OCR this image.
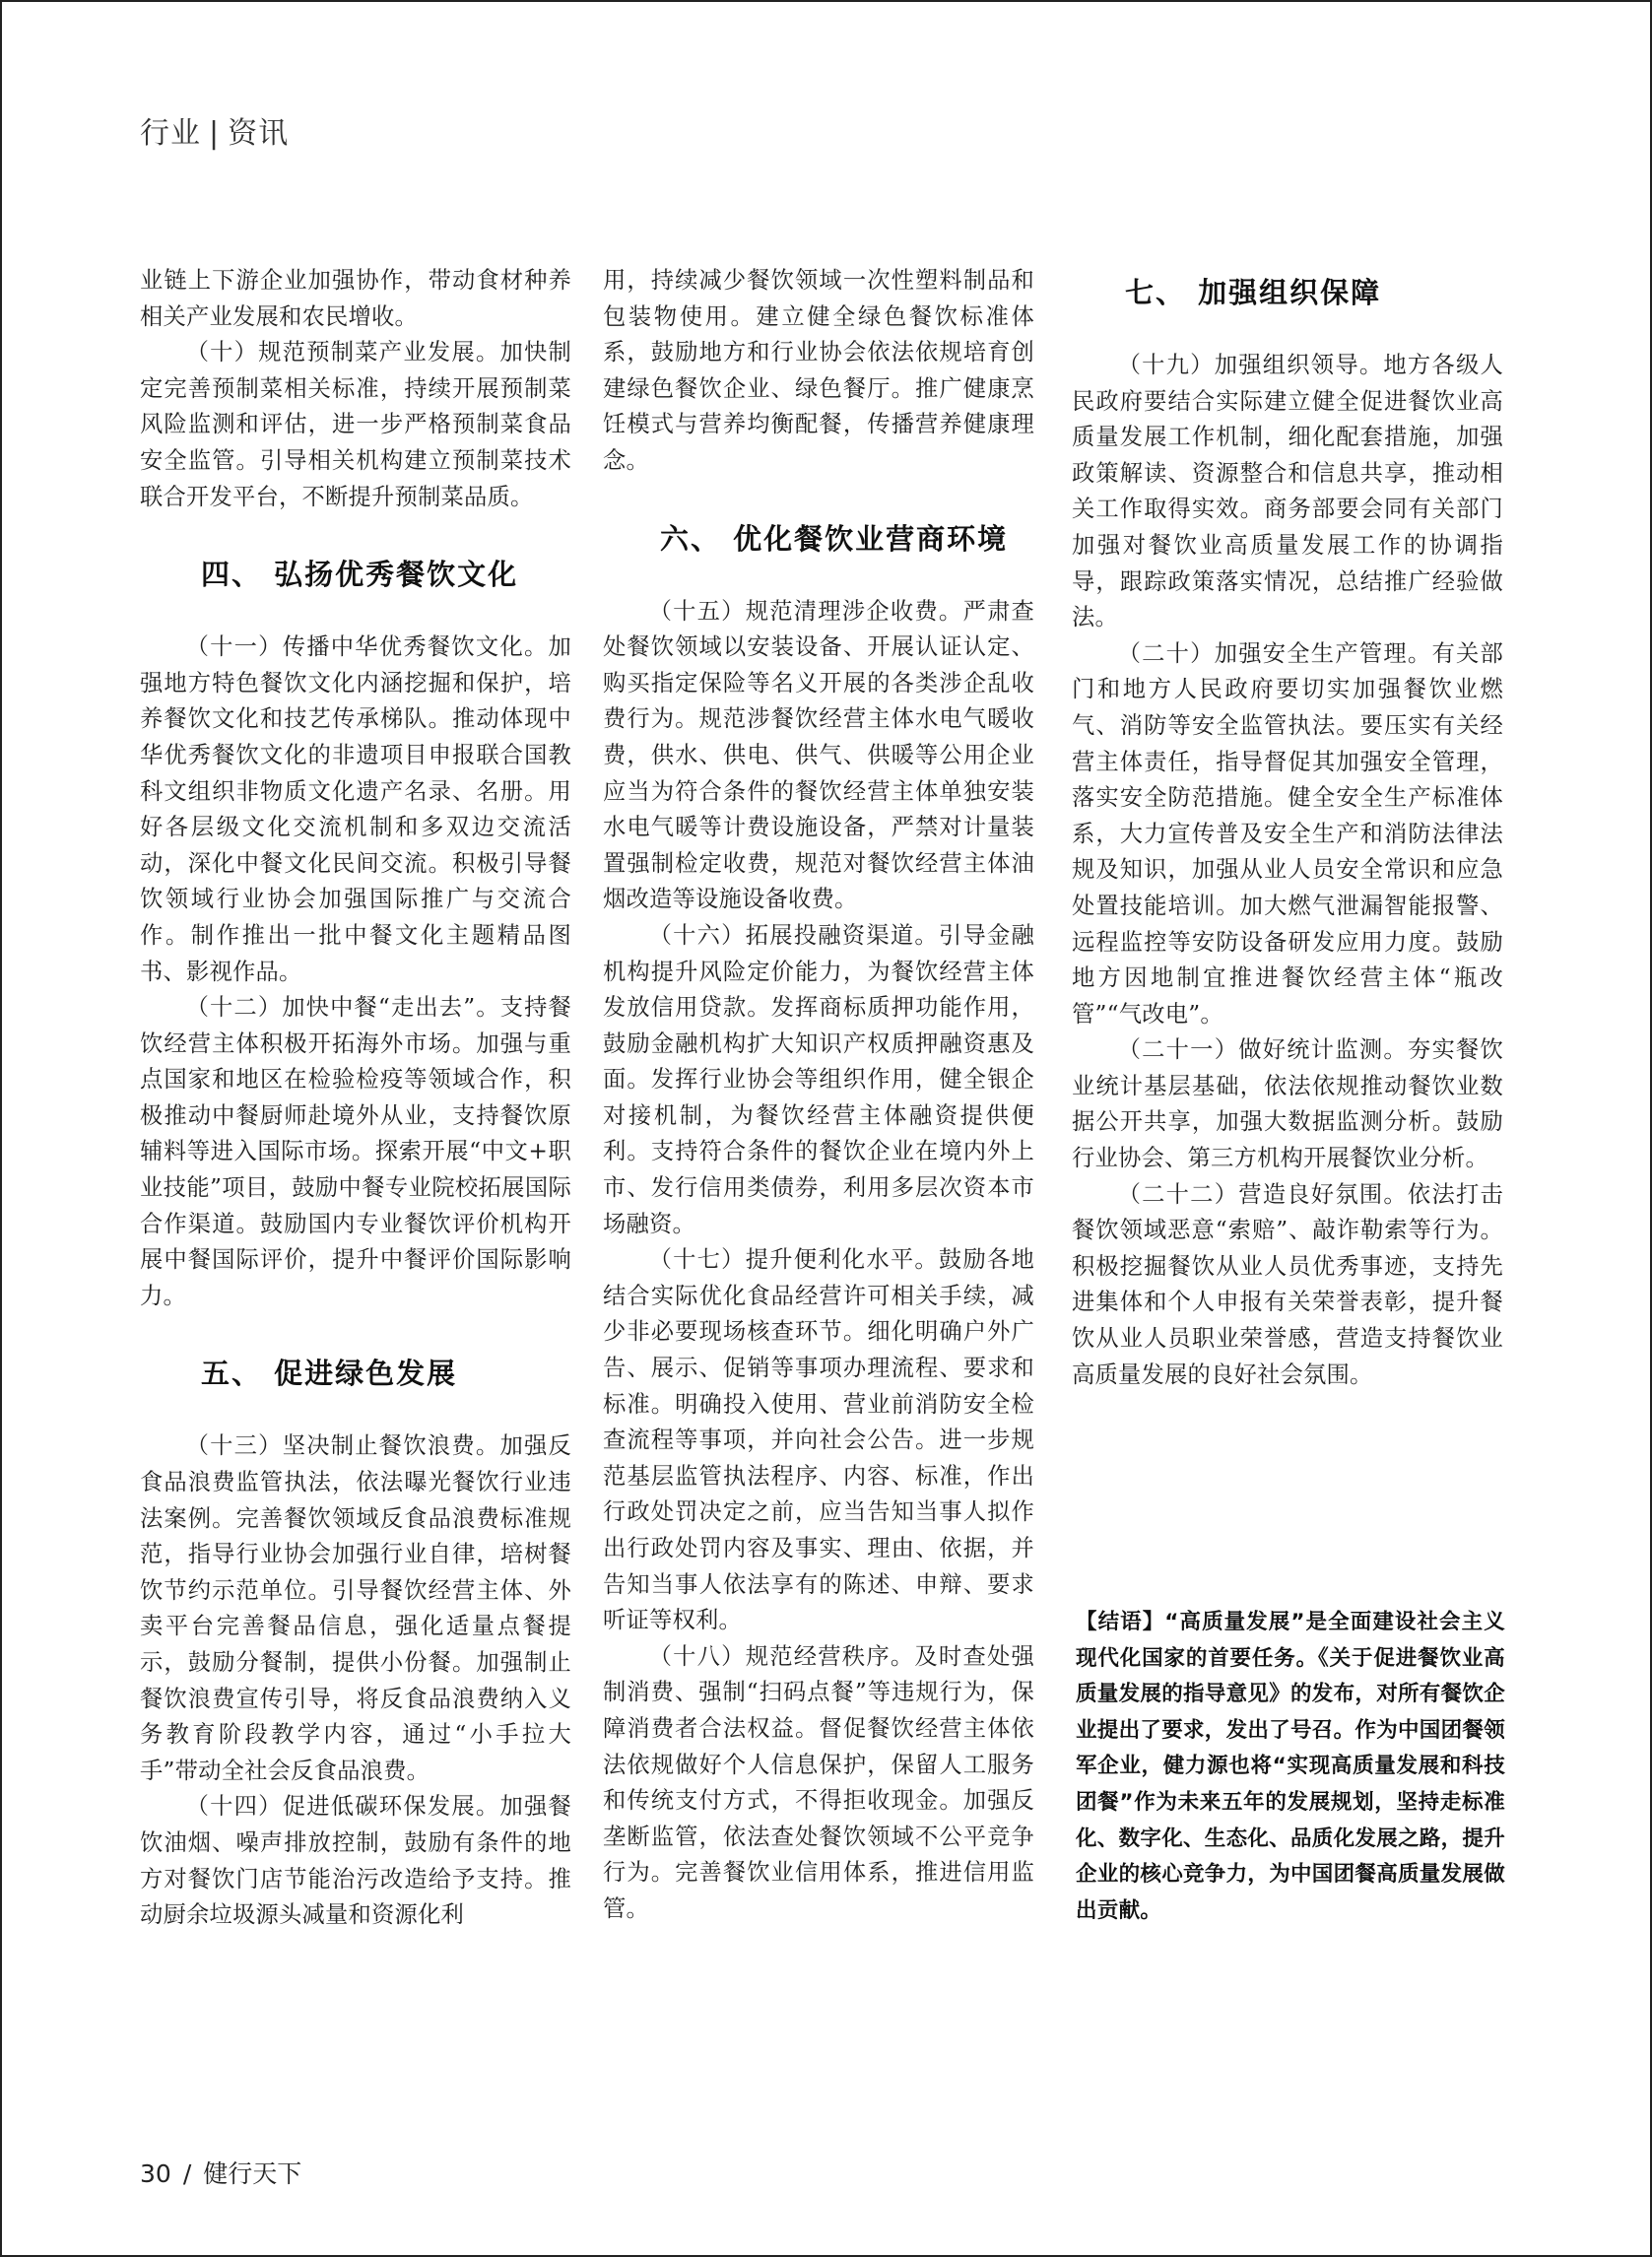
行业 | 资讯

业链上下游企业加强协作，带动食材种养相关产业发展和农民增收。

（十）规范预制菜产业发展。加快制定完善预制菜相关标准，持续开展预制菜风险监测和评估，进一步严格预制菜食品安全监管。引导相关机构建立预制菜技术联合开发平台，不断提升预制菜品质。

四、 弘扬优秀餐饮文化

（十一）传播中华优秀餐饮文化。加强地方特色餐饮文化内涵挖掘和保护，培养餐饮文化和技艺传承梯队。推动体现中华优秀餐饮文化的非遗项目申报联合国教科文组织非物质文化遗产名录、名册。用好各层级文化交流机制和多双边交流活动，深化中餐文化民间交流。积极引导餐饮领域行业协会加强国际推广与交流合作。制作推出一批中餐文化主题精品图书、影视作品。

（十二）加快中餐“走出去”。支持餐饮经营主体积极开拓海外市场。加强与重点国家和地区在检验检疫等领域合作，积极推动中餐厨师赴境外从业，支持餐饮原辅料等进入国际市场。探索开展“中文+职业技能”项目，鼓励中餐专业院校拓展国际合作渠道。鼓励国内专业餐饮评价机构开展中餐国际评价，提升中餐评价国际影响力。

五、 促进绿色发展

（十三）坚决制止餐饮浪费。加强反食品浪费监管执法，依法曝光餐饮行业违法案例。完善餐饮领域反食品浪费标准规范，指导行业协会加强行业自律，培树餐饮节约示范单位。引导餐饮经营主体、外卖平台完善餐品信息，强化适量点餐提示，鼓励分餐制，提供小份餐。加强制止餐饮浪费宣传引导，将反食品浪费纳入义务教育阶段教学内容，通过“小手拉大手”带动全社会反食品浪费。

（十四）促进低碳环保发展。加强餐饮油烟、噪声排放控制，鼓励有条件的地方对餐饮门店节能治污改造给予支持。推动厨余垃圾源头减量和资源化利

用，持续减少餐饮领域一次性塑料制品和包装物使用。建立健全绿色餐饮标准体系，鼓励地方和行业协会依法依规培育创建绿色餐饮企业、绿色餐厅。推广健康烹饪模式与营养均衡配餐，传播营养健康理念。

六、 优化餐饮业营商环境

（十五）规范清理涉企收费。严肃查处餐饮领域以安装设备、开展认证认定、购买指定保险等名义开展的各类涉企乱收费行为。规范涉餐饮经营主体水电气暖收费，供水、供电、供气、供暖等公用企业应当为符合条件的餐饮经营主体单独安装水电气暖等计费设施设备，严禁对计量装置强制检定收费，规范对餐饮经营主体油烟改造等设施设备收费。

（十六）拓展投融资渠道。引导金融机构提升风险定价能力，为餐饮经营主体发放信用贷款。发挥商标质押功能作用，鼓励金融机构扩大知识产权质押融资惠及面。发挥行业协会等组织作用，健全银企对接机制，为餐饮经营主体融资提供便利。支持符合条件的餐饮企业在境内外上市、发行信用类债券，利用多层次资本市场融资。

（十七）提升便利化水平。鼓励各地结合实际优化食品经营许可相关手续，减少非必要现场核查环节。细化明确户外广告、展示、促销等事项办理流程、要求和标准。明确投入使用、营业前消防安全检查流程等事项，并向社会公告。进一步规范基层监管执法程序、内容、标准，作出行政处罚决定之前，应当告知当事人拟作出行政处罚内容及事实、理由、依据，并告知当事人依法享有的陈述、申辩、要求听证等权利。

（十八）规范经营秩序。及时查处强制消费、强制“扫码点餐”等违规行为，保障消费者合法权益。督促餐饮经营主体依法依规做好个人信息保护，保留人工服务和传统支付方式，不得拒收现金。加强反垄断监管，依法查处餐饮领域不公平竞争行为。完善餐饮业信用体系，推进信用监管。

七、 加强组织保障

（十九）加强组织领导。地方各级人民政府要结合实际建立健全促进餐饮业高质量发展工作机制，细化配套措施，加强政策解读、资源整合和信息共享，推动相关工作取得实效。商务部要会同有关部门加强对餐饮业高质量发展工作的协调指导，跟踪政策落实情况，总结推广经验做法。

（二十）加强安全生产管理。有关部门和地方人民政府要切实加强餐饮业燃气、消防等安全监管执法。要压实有关经营主体责任，指导督促其加强安全管理，落实安全防范措施。健全安全生产标准体系，大力宣传普及安全生产和消防法律法规及知识，加强从业人员安全常识和应急处置技能培训。加大燃气泄漏智能报警、远程监控等安防设备研发应用力度。鼓励地方因地制宜推进餐饮经营主体“瓶改管”“气改电”。

（二十一）做好统计监测。夯实餐饮业统计基层基础，依法依规推动餐饮业数据公开共享，加强大数据监测分析。鼓励行业协会、第三方机构开展餐饮业分析。

（二十二）营造良好氛围。依法打击餐饮领域恶意“索赔”、敲诈勒索等行为。积极挖掘餐饮从业人员优秀事迹，支持先进集体和个人申报有关荣誉表彰，提升餐饮从业人员职业荣誉感，营造支持餐饮业高质量发展的良好社会氛围。

【结语】“高质量发展”是全面建设社会主义现代化国家的首要任务。《关于促进餐饮业高质量发展的指导意见》的发布，对所有餐饮企业提出了要求，发出了号召。作为中国团餐领军企业，健力源也将“实现高质量发展和科技团餐”作为未来五年的发展规划，坚持走标准化、数字化、生态化、品质化发展之路，提升企业的核心竞争力，为中国团餐高质量发展做出贡献。
30 / 健行天下
